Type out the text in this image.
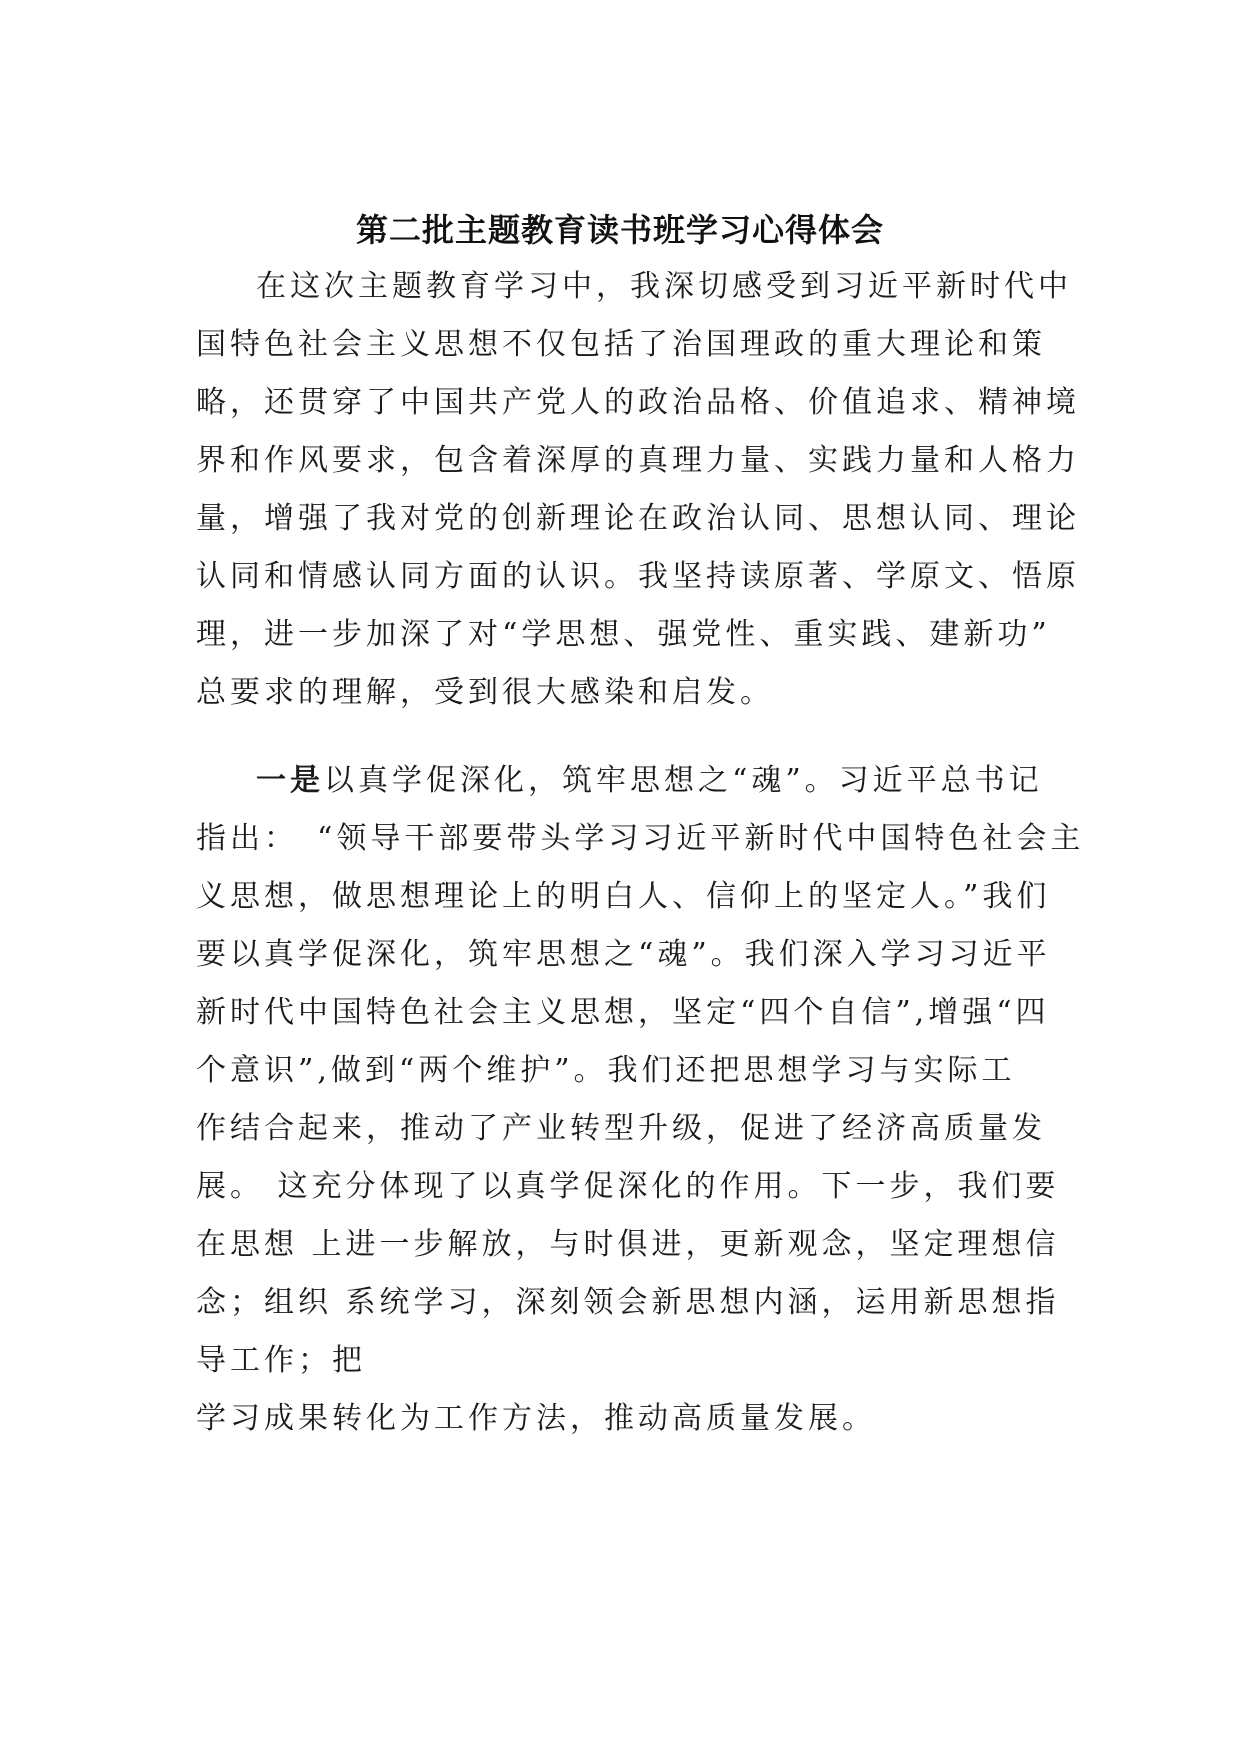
第二批主题教育读书班学习心得体会
在这次主题教育学习中，我深切感受到习近平新时代中
国特色社会主义思想不仅包括了治国理政的重大理论和策
略，还贯穿了中国共产党人的政治品格、价值追求、精神境
界和作风要求，包含着深厚的真理力量、实践力量和人格力
量，增强了我对党的创新理论在政治认同、思想认同、理论
认同和情感认同方面的认识。我坚持读原著、学原文、悟原
理，进一步加深了对“学思想、强党性、重实践、建新功”
总要求的理解，受到很大感染和启发。
一是以真学促深化，筑牢思想之“魂”。习近平总书记
指出：　“领导干部要带头学习习近平新时代中国特色社会主
义思想，做思想理论上的明白人、信仰上的坚定人。”我们
要以真学促深化，筑牢思想之“魂”。我们深入学习习近平
新时代中国特色社会主义思想，坚定“四个自信”,增强“四
个意识”,做到“两个维护”。我们还把思想学习与实际工
作结合起来，推动了产业转型升级，促进了经济高质量发
展。 这充分体现了以真学促深化的作用。下一步，我们要
在思想 上进一步解放，与时俱进，更新观念，坚定理想信
念；组织 系统学习，深刻领会新思想内涵，运用新思想指
导工作；把
学习成果转化为工作方法，推动高质量发展。
